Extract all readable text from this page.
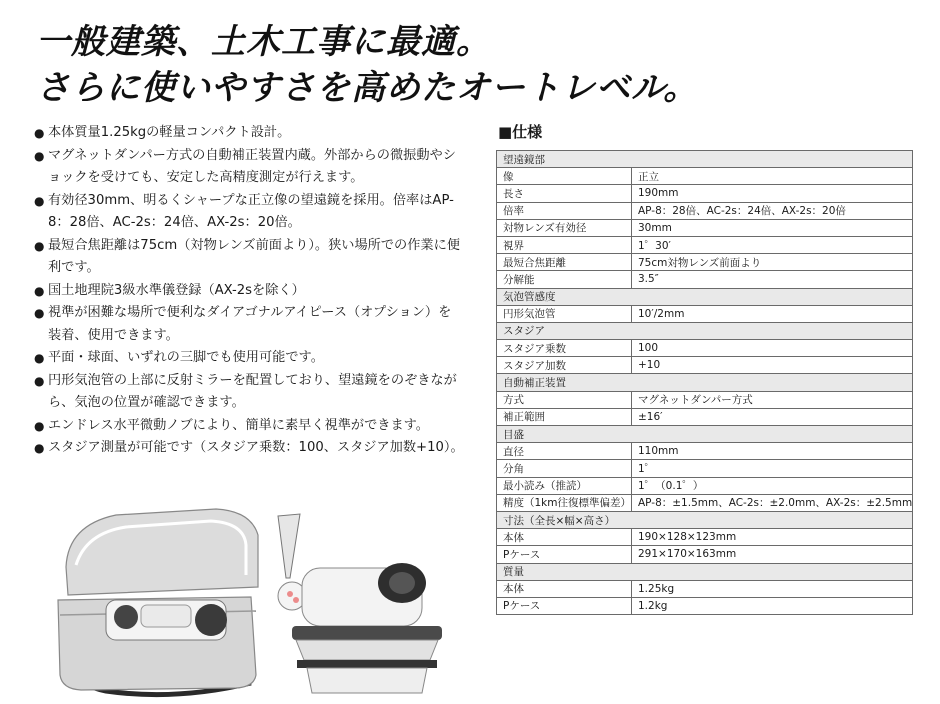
一般建築、土木工事に最適。
さらに使いやすさを高めたオートレベル。
● 本体質量1.25kgの軽量コンパクト設計。
● マグネットダンパー方式の自動補正装置内蔵。外部からの微振動やショックを受けても、安定した高精度測定が行えます。
● 有効径30mm、明るくシャープな正立像の望遠鏡を採用。倍率はAP-8：28倍、AC-2s：24倍、AX-2s：20倍。
● 最短合焦距離は75cm（対物レンズ前面より）。狭い場所での作業に便利です。
● 国土地理院3級水準儀登録（AX-2sを除く）
● 視準が困難な場所で便利なダイアゴナルアイピース（オプション）を装着、使用できます。
● 平面・球面、いずれの三脚でも使用可能です。
● 円形気泡管の上部に反射ミラーを配置しており、望遠鏡をのぞきながら、気泡の位置が確認できます。
● エンドレス水平微動ノブにより、簡単に素早く視準ができます。
● スタジア測量が可能です（スタジア乗数：100、スタジア加数+10）。
■仕様
望遠鏡部	
像	正立
長さ	190mm
倍率	AP-8：28倍、AC-2s：24倍、AX-2s：20倍
対物レンズ有効径	30mm
視界	1゜30′
最短合焦距離	75cm対物レンズ前面より
分解能	3.5″
気泡管感度	
円形気泡管	10′/2mm
スタジア	
スタジア乗数	100
スタジア加数	+10
自動補正装置	
方式	マグネットダンパー方式
補正範囲	±16′
目盛	
直径	110mm
分角	1゜
最小読み（推読）	1゜（0.1゜）
精度（1km往復標準偏差）	AP-8：±1.5mm、AC-2s：±2.0mm、AX-2s：±2.5mm
寸法（全長×幅×高さ）	
本体	190×128×123mm
Pケース	291×170×163mm
質量	
本体	1.25kg
Pケース	1.2kg
